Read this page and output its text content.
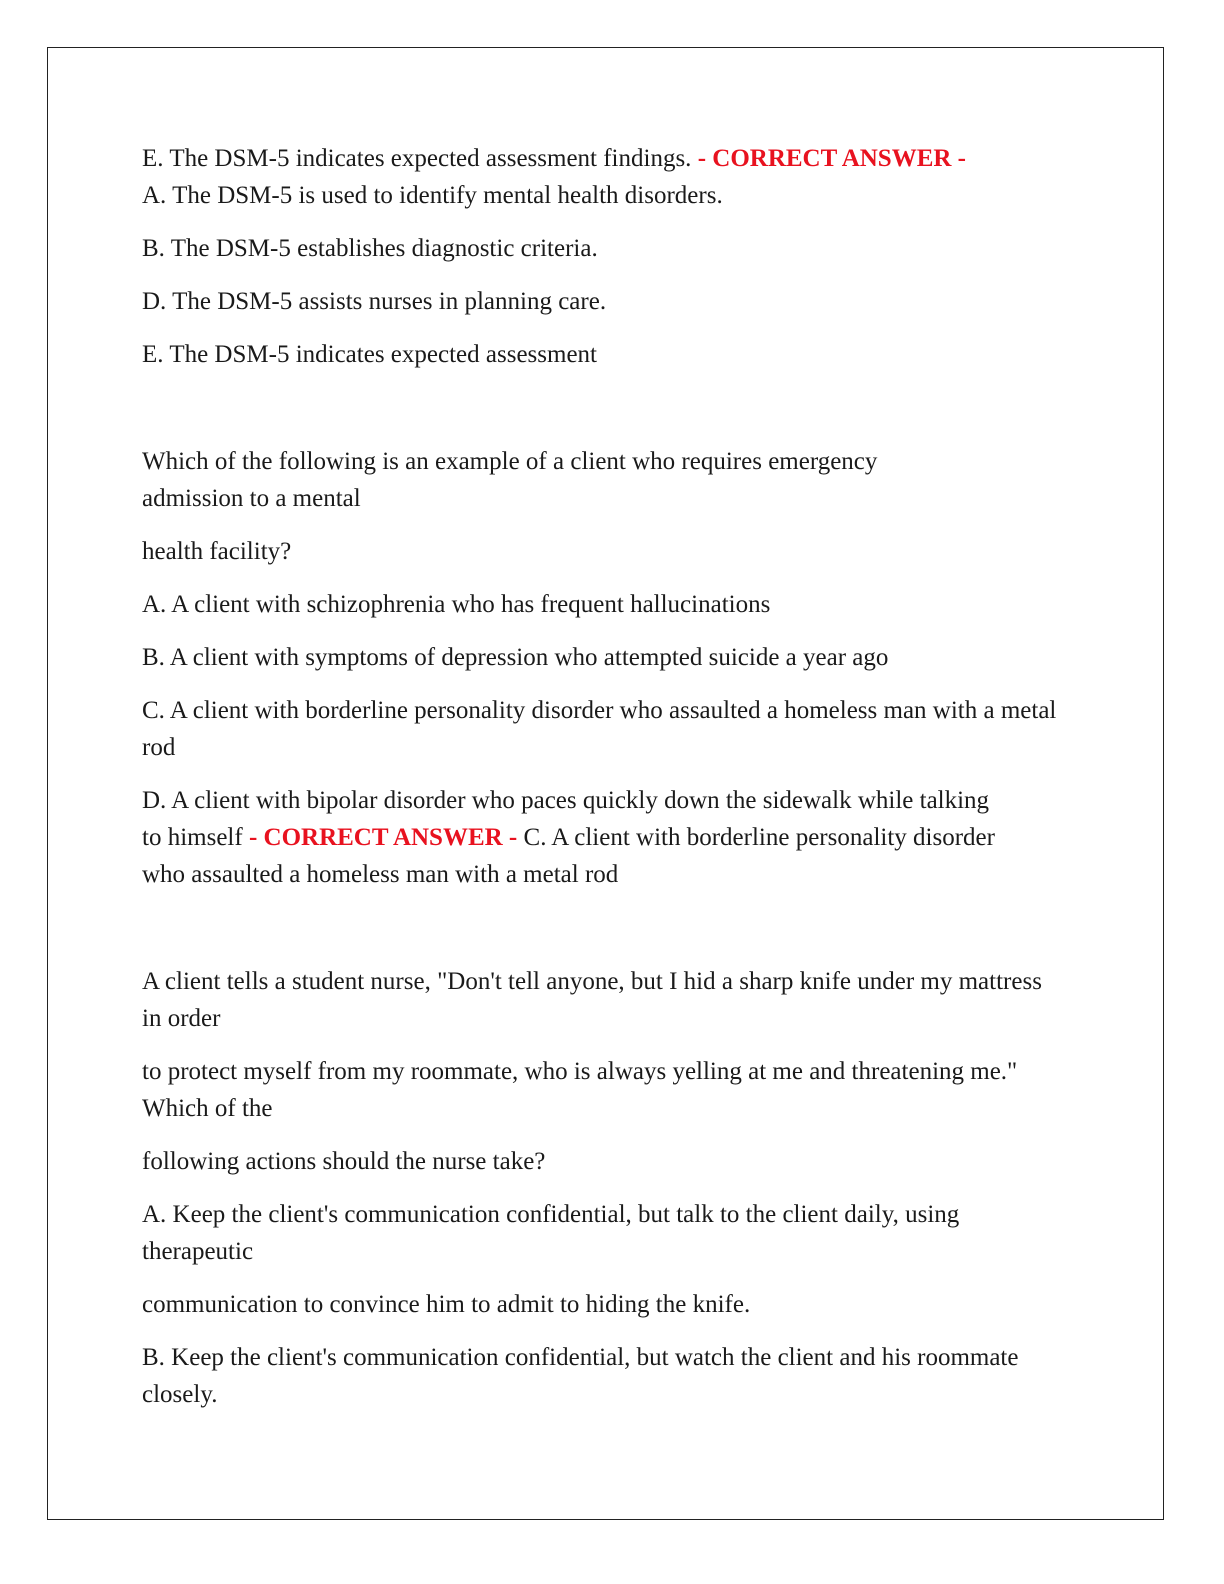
E. The DSM-5 indicates expected assessment findings. - CORRECT ANSWER -
A. The DSM-5 is used to identify mental health disorders.

B. The DSM-5 establishes diagnostic criteria.

D. The DSM-5 assists nurses in planning care.

E. The DSM-5 indicates expected assessment

Which of the following is an example of a client who requires emergency admission to a mental

health facility?

A. A client with schizophrenia who has frequent hallucinations

B. A client with symptoms of depression who attempted suicide a year ago

C. A client with borderline personality disorder who assaulted a homeless man with a metal rod

D. A client with bipolar disorder who paces quickly down the sidewalk while talking to himself - CORRECT ANSWER - C. A client with borderline personality disorder who assaulted a homeless man with a metal rod

A client tells a student nurse, "Don't tell anyone, but I hid a sharp knife under my mattress in order

to protect myself from my roommate, who is always yelling at me and threatening me." Which of the

following actions should the nurse take?

A. Keep the client's communication confidential, but talk to the client daily, using therapeutic

communication to convince him to admit to hiding the knife.

B. Keep the client's communication confidential, but watch the client and his roommate closely.
